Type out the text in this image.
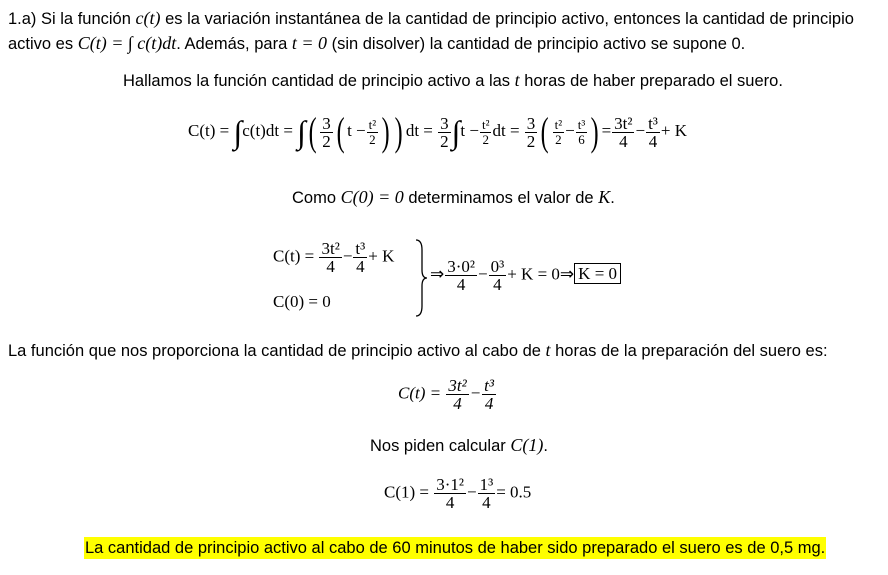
1.a) Si la función c(t) es la variación instantánea de la cantidad de principio activo, entonces la cantidad de principio
activo es C(t) = ∫ c(t)dt. Además, para t = 0 (sin disolver) la cantidad de principio activo se supone 0.
Hallamos la función cantidad de principio activo a las t horas de haber preparado el suero.
C(t) = ∫c(t)dt = ∫( $\frac{3}{2}$ ( $t - \frac{\text{t²}}{2}$ ) ) dt = $\frac{3}{2} \int t - \frac{\text{t²}}{2}$ dt = $\frac{3}{2}$ ( $\frac{\text{t²}}{2} - \frac{\text{t³}}{6}$ ) = $\frac{\text{3t²}}{4} - \frac{\text{t³}}{4} + K$
Como C(0) = 0 determinamos el valor de K.
$C(t) = \frac{\text{3t²}}{4} - \frac{\text{t³}}{4} + K$
C(0) = 0
⇒ $\frac{\text{3·0²}}{4} - \frac{\text{0³}}{4} + K$ = 0⇒ K = 0
La función que nos proporciona la cantidad de principio activo al cabo de t horas de la preparación del suero es:
$C(t) = \frac{\text{3t²}}{4} - \frac{\text{t³}}{4}$
Nos piden calcular C(1).
$C(1) = \frac{\text{3·1²}}{4} - \frac{\text{1³}}{4} = 0.5$
La cantidad de principio activo al cabo de 60 minutos de haber sido preparado el suero es de 0,5 mg.
